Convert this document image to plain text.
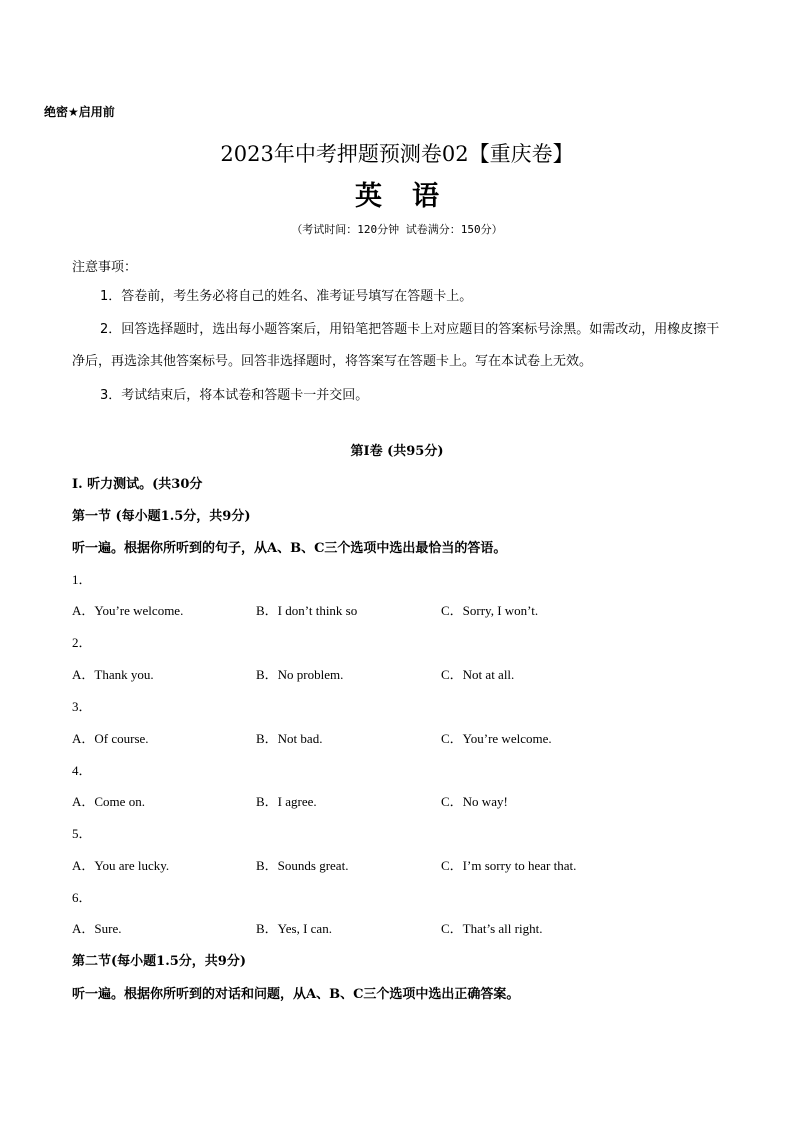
绝密★启用前
2023年中考押题预测卷02【重庆卷】
英语
（考试时间：120分钟 试卷满分：150分）
注意事项：
1．答卷前，考生务必将自己的姓名、准考证号填写在答题卡上。
2．回答选择题时，选出每小题答案后，用铅笔把答题卡上对应题目的答案标号涂黑。如需改动，用橡皮擦干净后，再选涂其他答案标号。回答非选择题时，将答案写在答题卡上。写在本试卷上无效。
3．考试结束后，将本试卷和答题卡一并交回。
第I卷 (共95分)
I. 听力测试。(共30分
第一节 (每小题1.5分，共9分)
听一遍。根据你所听到的句子，从A、B、C三个选项中选出最恰当的答语。
1．
A．You’re welcome.	B．I don’t think so	C．Sorry, I won’t.
2．
A．Thank you.	B．No problem.	C．Not at all.
3．
A．Of course.	B．Not bad.	C．You’re welcome.
4．
A．Come on.	B．I agree.	C．No way!
5．
A．You are lucky.	B．Sounds great.	C．I’m sorry to hear that.
6．
A．Sure.	B．Yes, I can.	C．That’s all right.
第二节(每小题1.5分，共9分)
听一遍。根据你所听到的对话和问题，从A、B、C三个选项中选出正确答案。
